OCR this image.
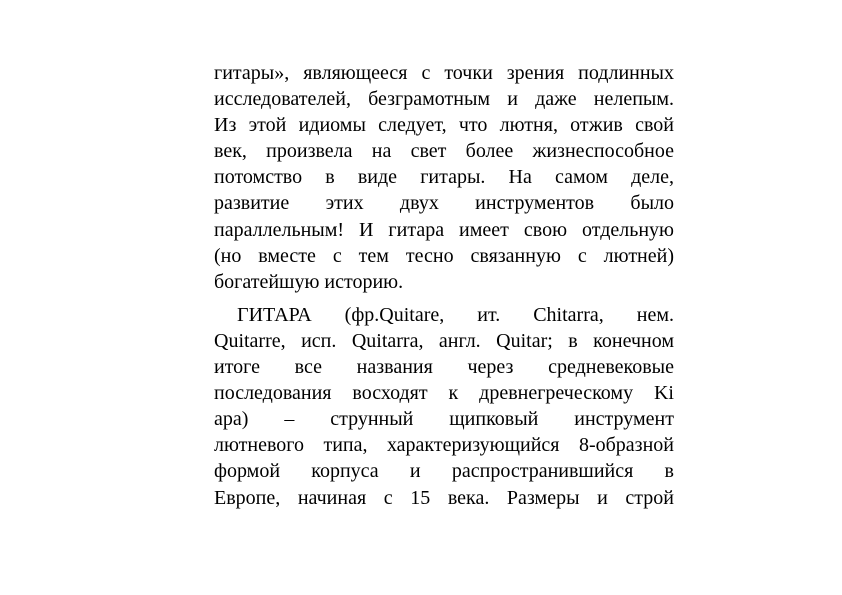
гитары», являющееся с точки зрения подлинных
исследователей, безграмотным и даже нелепым.
Из этой идиомы следует, что лютня, отжив свой
век, произвела на свет более жизнеспособное
потомство в виде гитары. На самом деле,
развитие этих двух инструментов было
параллельным! И гитара имеет свою отдельную
(но вместе с тем тесно связанную с лютней)
богатейшую историю.
ГИТАРА (фр.Quitare, ит. Chitarra, нем.
Quitarre, исп. Quitarra, англ. Quitar; в конечном
итоге все названия через средневековые
последования восходят к древнегреческому Ki
apa) – струнный щипковый инструмент
лютневого типа, характеризующийся 8-образной
формой корпуса и распространившийся в
Европе, начиная с 15 века. Размеры и строй
